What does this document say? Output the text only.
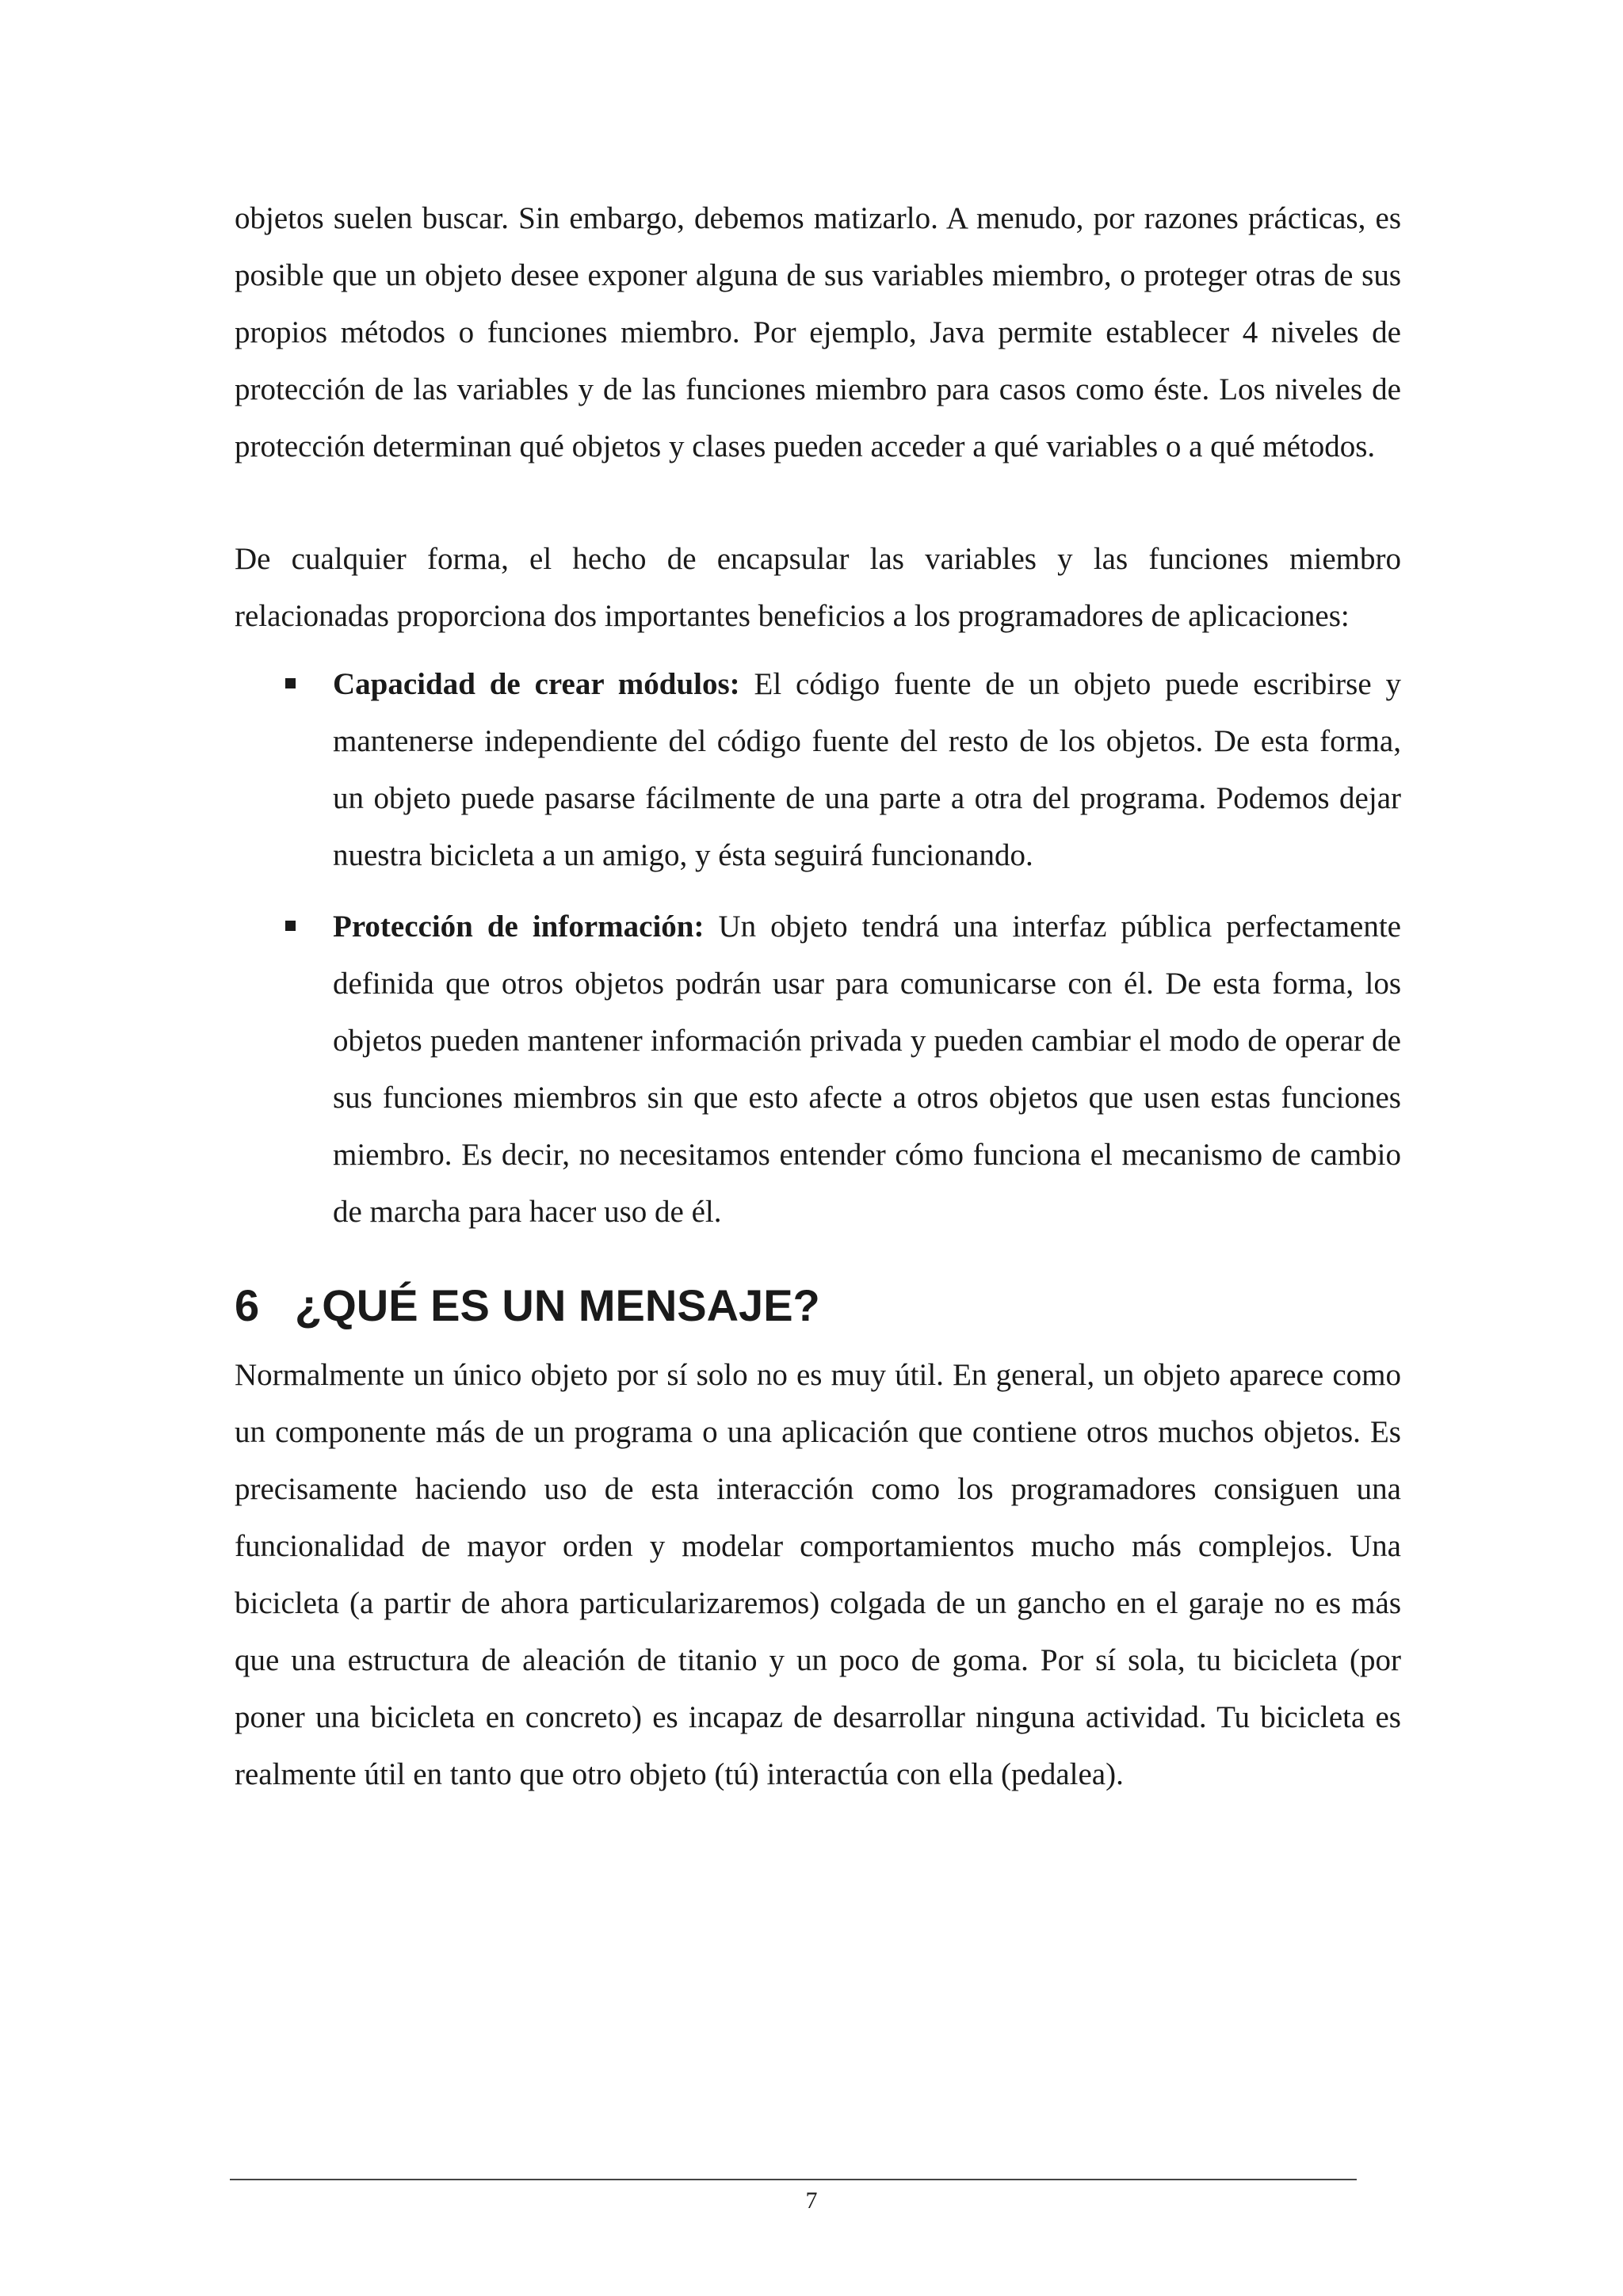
objetos suelen buscar. Sin embargo, debemos matizarlo. A menudo, por razones prácticas, es posible que un objeto desee exponer alguna de sus variables miembro, o proteger otras de sus propios métodos o funciones miembro. Por ejemplo, Java permite establecer 4 niveles de protección de las variables y de las funciones miembro para casos como éste. Los niveles de protección determinan qué objetos y clases pueden acceder a qué variables o a qué métodos.

De cualquier forma, el hecho de encapsular las variables y las funciones miembro relacionadas proporciona dos importantes beneficios a los programadores de aplicaciones:

Capacidad de crear módulos: El código fuente de un objeto puede escribirse y mantenerse independiente del código fuente del resto de los objetos. De esta forma, un objeto puede pasarse fácilmente de una parte a otra del programa. Podemos dejar nuestra bicicleta a un amigo, y ésta seguirá funcionando.
Protección de información: Un objeto tendrá una interfaz pública perfectamente definida que otros objetos podrán usar para comunicarse con él. De esta forma, los objetos pueden mantener información privada y pueden cambiar el modo de operar de sus funciones miembros sin que esto afecte a otros objetos que usen estas funciones miembro. Es decir, no necesitamos entender cómo funciona el mecanismo de cambio de marcha para hacer uso de él.
6 ¿QUÉ ES UN MENSAJE?

Normalmente un único objeto por sí solo no es muy útil. En general, un objeto aparece como un componente más de un programa o una aplicación que contiene otros muchos objetos. Es precisamente haciendo uso de esta interacción como los programadores consiguen una funcionalidad de mayor orden y modelar comportamientos mucho más complejos. Una bicicleta (a partir de ahora particularizaremos) colgada de un gancho en el garaje no es más que una estructura de aleación de titanio y un poco de goma. Por sí sola, tu bicicleta (por poner una bicicleta en concreto) es incapaz de desarrollar ninguna actividad. Tu bicicleta es realmente útil en tanto que otro objeto (tú) interactúa con ella (pedalea).

7
